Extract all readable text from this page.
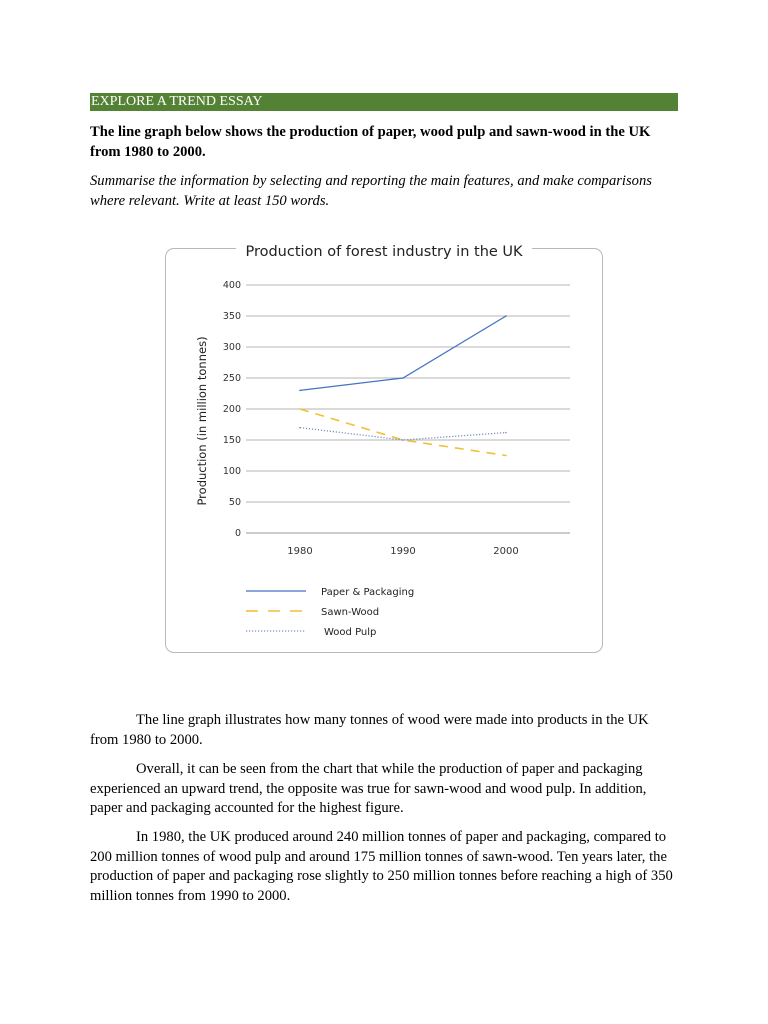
EXPLORE A TREND ESSAY

The line graph below shows the production of paper, wood pulp and sawn-wood in the UK from 1980 to 2000.

Summarise the information by selecting and reporting the main features, and make comparisons where relevant. Write at least 150 words.

Production of forest industry in the UK
0
50
100
150
200
250
300
350
400
Production (in million tonnes)
1980	1990	2000
Paper & Packaging
Sawn-Wood
Wood Pulp

The line graph illustrates how many tonnes of wood were made into products in the UK from 1980 to 2000.

Overall, it can be seen from the chart that while the production of paper and packaging experienced an upward trend, the opposite was true for sawn-wood and wood pulp. In addition, paper and packaging accounted for the highest figure.

In 1980, the UK produced around 240 million tonnes of paper and packaging, compared to 200 million tonnes of wood pulp and around 175 million tonnes of sawn-wood. Ten years later, the production of paper and packaging rose slightly to 250 million tonnes before reaching a high of 350 million tonnes from 1990 to 2000.
